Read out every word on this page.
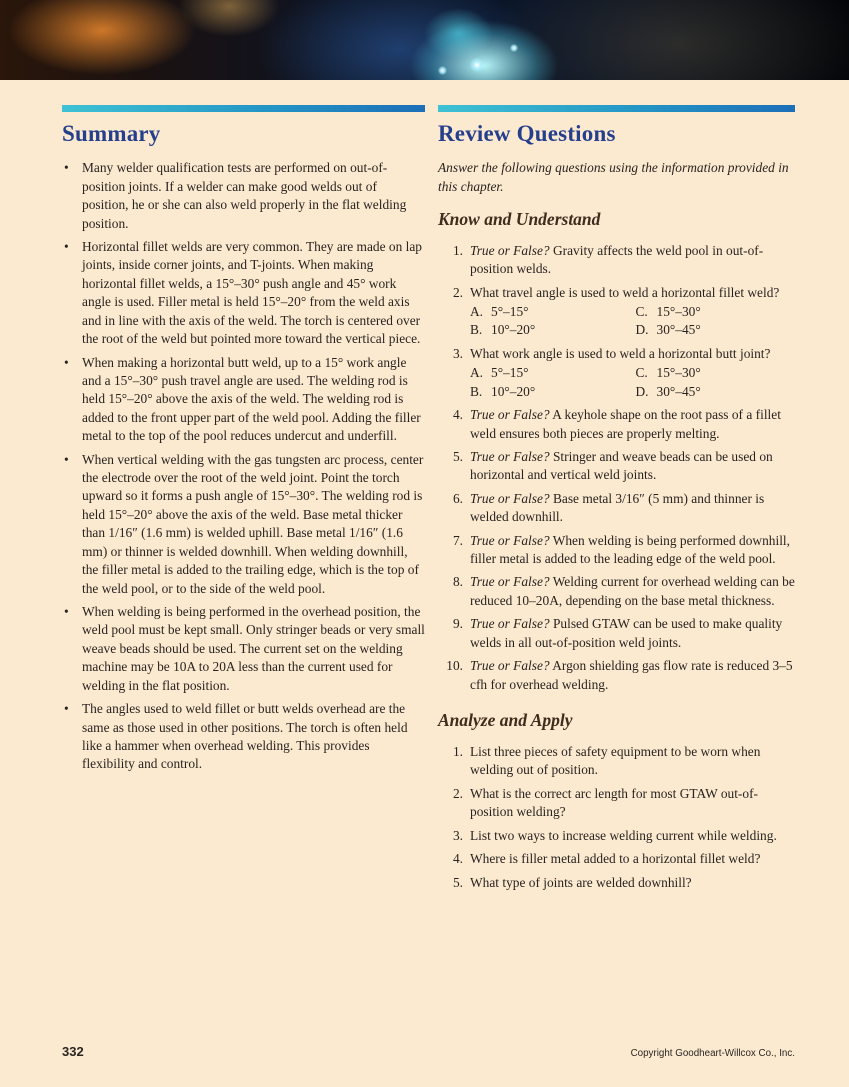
Summary
• Many welder qualification tests are performed on out-of-position joints. If a welder can make good welds out of position, he or she can also weld properly in the flat welding position.
• Horizontal fillet welds are very common. They are made on lap joints, inside corner joints, and T-joints. When making horizontal fillet welds, a 15°–30° push angle and 45° work angle is used. Filler metal is held 15°–20° from the weld axis and in line with the axis of the weld. The torch is centered over the root of the weld but pointed more toward the vertical piece.
• When making a horizontal butt weld, up to a 15° work angle and a 15°–30° push travel angle are used. The welding rod is held 15°–20° above the axis of the weld. The welding rod is added to the front upper part of the weld pool. Adding the filler metal to the top of the pool reduces undercut and underfill.
• When vertical welding with the gas tungsten arc process, center the electrode over the root of the weld joint. Point the torch upward so it forms a push angle of 15°–30°. The welding rod is held 15°–20° above the axis of the weld. Base metal thicker than 1/16″ (1.6 mm) is welded uphill. Base metal 1/16″ (1.6 mm) or thinner is welded downhill. When welding downhill, the filler metal is added to the trailing edge, which is the top of the weld pool, or to the side of the weld pool.
• When welding is being performed in the overhead position, the weld pool must be kept small. Only stringer beads or very small weave beads should be used. The current set on the welding machine may be 10A to 20A less than the current used for welding in the flat position.
• The angles used to weld fillet or butt welds overhead are the same as those used in other positions. The torch is often held like a hammer when overhead welding. This provides flexibility and control.
Review Questions

Answer the following questions using the information provided in this chapter.

Know and Understand
1. True or False? Gravity affects the weld pool in out-of-position welds.
2. What travel angle is used to weld a horizontal fillet weld?
A. 5°–15°	C. 15°–30°
B. 10°–20°	D. 30°–45°
3. What work angle is used to weld a horizontal butt joint?
A. 5°–15°	C. 15°–30°
B. 10°–20°	D. 30°–45°
4. True or False? A keyhole shape on the root pass of a fillet weld ensures both pieces are properly melting.
5. True or False? Stringer and weave beads can be used on horizontal and vertical weld joints.
6. True or False? Base metal 3/16″ (5 mm) and thinner is welded downhill.
7. True or False? When welding is being performed downhill, filler metal is added to the leading edge of the weld pool.
8. True or False? Welding current for overhead welding can be reduced 10–20A, depending on the base metal thickness.
9. True or False? Pulsed GTAW can be used to make quality welds in all out-of-position weld joints.
10. True or False? Argon shielding gas flow rate is reduced 3–5 cfh for overhead welding.
Analyze and Apply
1. List three pieces of safety equipment to be worn when welding out of position.
2. What is the correct arc length for most GTAW out-of-position welding?
3. List two ways to increase welding current while welding.
4. Where is filler metal added to a horizontal fillet weld?
5. What type of joints are welded downhill?
332	Copyright Goodheart-Willcox Co., Inc.
